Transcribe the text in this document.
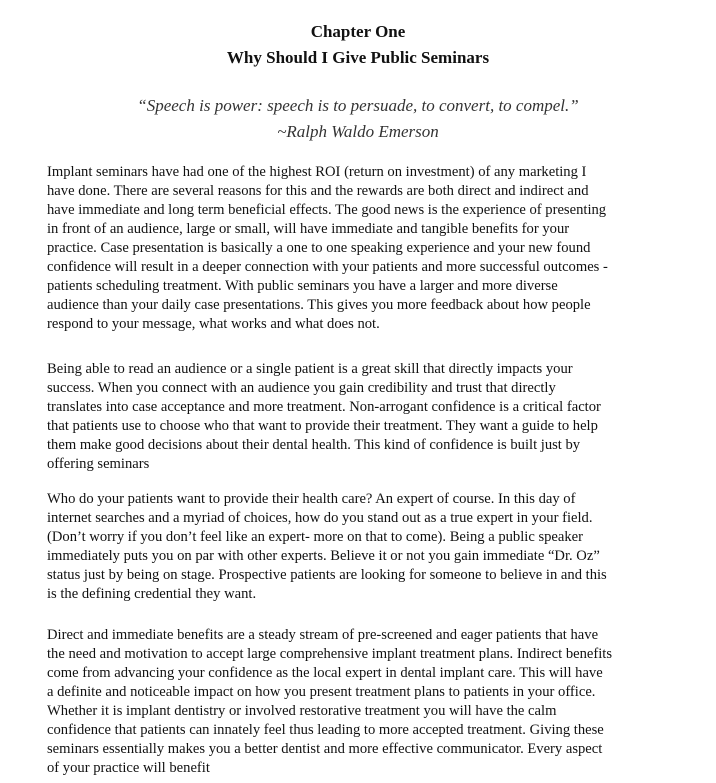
Chapter One
Why Should I Give Public Seminars
“Speech is power: speech is to persuade, to convert, to compel.”
~Ralph Waldo Emerson

Implant seminars have had one of the highest ROI (return on investment) of any marketing I
have done. There are several reasons for this and the rewards are both direct and indirect and
have immediate and long term beneficial effects. The good news is the experience of presenting
in front of an audience, large or small, will have immediate and tangible benefits for your
practice. Case presentation is basically a one to one speaking experience and your new found
confidence will result in a deeper connection with your patients and more successful outcomes -
patients scheduling treatment. With public seminars you have a larger and more diverse
audience than your daily case presentations. This gives you more feedback about how people
respond to your message, what works and what does not.

Being able to read an audience or a single patient is a great skill that directly impacts your
success. When you connect with an audience you gain credibility and trust that directly
translates into case acceptance and more treatment. Non-arrogant confidence is a critical factor
that patients use to choose who that want to provide their treatment. They want a guide to help
them make good decisions about their dental health. This kind of confidence is built just by
offering seminars

Who do your patients want to provide their health care? An expert of course. In this day of
internet searches and a myriad of choices, how do you stand out as a true expert in your field.
(Don’t worry if you don’t feel like an expert- more on that to come). Being a public speaker
immediately puts you on par with other experts. Believe it or not you gain immediate “Dr. Oz”
status just by being on stage. Prospective patients are looking for someone to believe in and this
is the defining credential they want.

Direct and immediate benefits are a steady stream of pre-screened and eager patients that have
the need and motivation to accept large comprehensive implant treatment plans. Indirect benefits
come from advancing your confidence as the local expert in dental implant care. This will have
a definite and noticeable impact on how you present treatment plans to patients in your office.
Whether it is implant dentistry or involved restorative treatment you will have the calm
confidence that patients can innately feel thus leading to more accepted treatment. Giving these
seminars essentially makes you a better dentist and more effective communicator. Every aspect
of your practice will benefit
